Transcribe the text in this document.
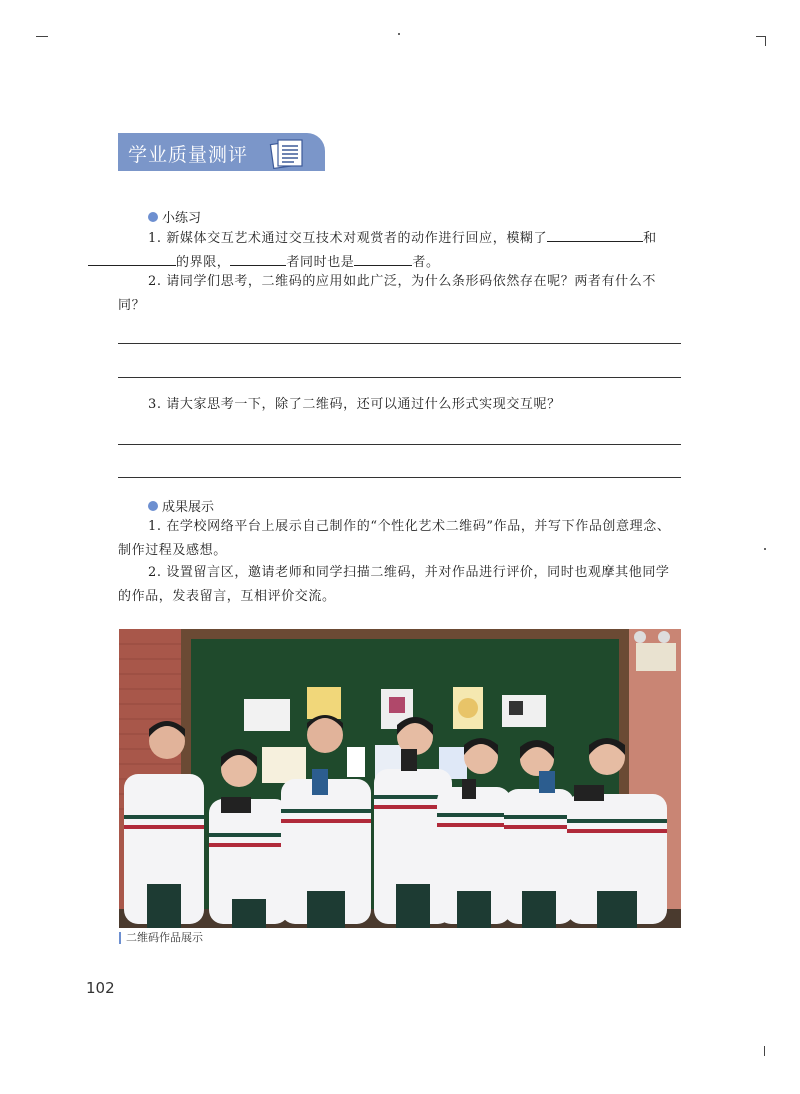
学业质量测评
小练习
1. 新媒体交互艺术通过交互技术对观赏者的动作进行回应，模糊了	和
的界限，	者同时也是	者。
2. 请同学们思考，二维码的应用如此广泛，为什么条形码依然存在呢？两者有什么不同？
3. 请大家思考一下，除了二维码，还可以通过什么形式实现交互呢？
成果展示
1. 在学校网络平台上展示自己制作的“个性化艺术二维码”作品，并写下作品创意理念、制作过程及感想。
2. 设置留言区，邀请老师和同学扫描二维码，并对作品进行评价，同时也观摩其他同学的作品，发表留言，互相评价交流。
二维码作品展示
102
